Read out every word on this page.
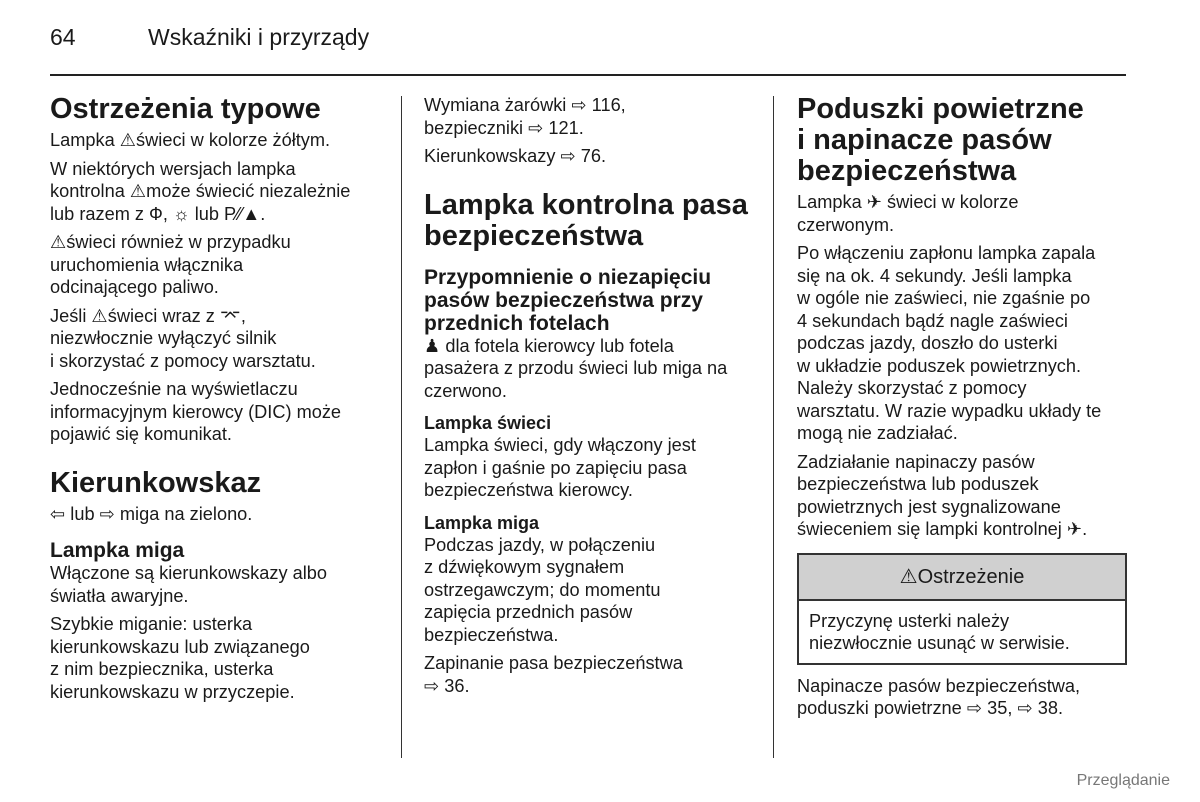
64	Wskaźniki i przyrządy
Ostrzeżenia typowe

Lampka ⚠świeci w kolorze żółtym.

W niektórych wersjach lampka
kontrolna ⚠może świecić niezależnie
lub razem z Ф, ☼ lub P⁄⁄▲.

⚠świeci również w przypadku
uruchomienia włącznika
odcinającego paliwo.

Jeśli ⚠świeci wraz z ⌤,
niezwłocznie wyłączyć silnik
i skorzystać z pomocy warsztatu.

Jednocześnie na wyświetlaczu
informacyjnym kierowcy (DIC) może
pojawić się komunikat.

Kierunkowskaz

⇦ lub ⇨ miga na zielono.

Lampka miga

Włączone są kierunkowskazy albo
światła awaryjne.

Szybkie miganie: usterka
kierunkowskazu lub związanego
z nim bezpiecznika, usterka
kierunkowskazu w przyczepie.

Wymiana żarówki ⇨ 116,
bezpieczniki ⇨ 121.

Kierunkowskazy ⇨ 76.

Lampka kontrolna pasa
bezpieczeństwa
Przypomnienie o niezapięciu
pasów bezpieczeństwa przy
przednich fotelach

♟ dla fotela kierowcy lub fotela
pasażera z przodu świeci lub miga na
czerwono.

Lampka świeci

Lampka świeci, gdy włączony jest
zapłon i gaśnie po zapięciu pasa
bezpieczeństwa kierowcy.

Lampka miga

Podczas jazdy, w połączeniu
z dźwiękowym sygnałem
ostrzegawczym; do momentu
zapięcia przednich pasów
bezpieczeństwa.

Zapinanie pasa bezpieczeństwa
⇨ 36.

Poduszki powietrzne
i napinacze pasów
bezpieczeństwa

Lampka ✈ świeci w kolorze
czerwonym.

Po włączeniu zapłonu lampka zapala
się na ok. 4 sekundy. Jeśli lampka
w ogóle nie zaświeci, nie zgaśnie po
4 sekundach bądź nagle zaświeci
podczas jazdy, doszło do usterki
w układzie poduszek powietrznych.
Należy skorzystać z pomocy
warsztatu. W razie wypadku układy te
mogą nie zadziałać.

Zadziałanie napinaczy pasów
bezpieczeństwa lub poduszek
powietrznych jest sygnalizowane
świeceniem się lampki kontrolnej ✈.

⚠Ostrzeżenie
Przyczynę usterki należy
niezwłocznie usunąć w serwisie.

Napinacze pasów bezpieczeństwa,
poduszki powietrzne ⇨ 35, ⇨ 38.

Przeglądanie
